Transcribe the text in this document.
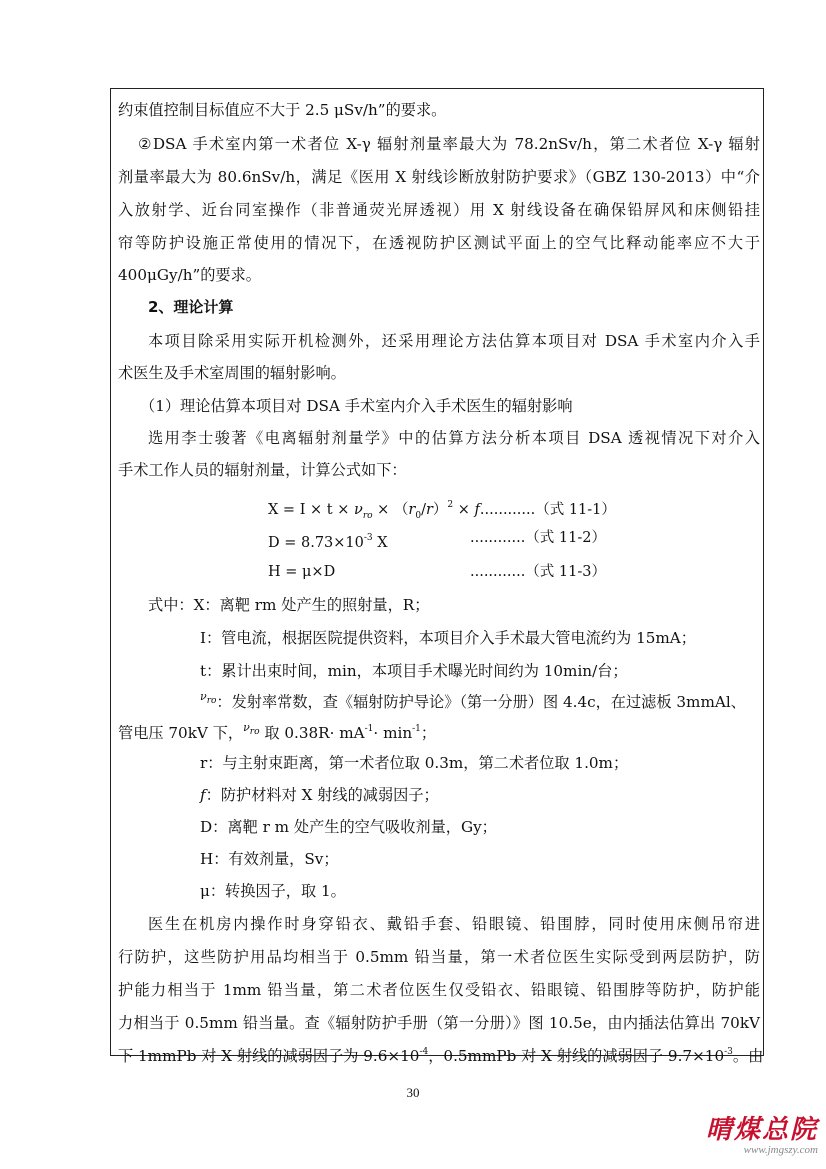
约束值控制目标值应不大于 2.5 μSv/h”的要求。
②DSA 手术室内第一术者位 X-γ 辐射剂量率最大为 78.2nSv/h，第二术者位 X-γ 辐射
剂量率最大为 80.6nSv/h，满足《医用 X 射线诊断放射防护要求》（GBZ 130-2013）中“介
入放射学、近台同室操作（非普通荧光屏透视）用 X 射线设备在确保铅屏风和床侧铅挂
帘等防护设施正常使用的情况下，在透视防护区测试平面上的空气比释动能率应不大于
400μGy/h”的要求。
2、理论计算
本项目除采用实际开机检测外，还采用理论方法估算本项目对 DSA 手术室内介入手
术医生及手术室周围的辐射影响。
（1）理论估算本项目对 DSA 手术室内介入手术医生的辐射影响
选用李士骏著《电离辐射剂量学》中的估算方法分析本项目 DSA 透视情况下对介入
手术工作人员的辐射剂量，计算公式如下：
$X = I \times t \times \nu_{ro} \times (r_0/r)^2 \times f$............（式 11-1）
$D = 8.73\times 10^{-3}$ X	............（式 11-2）
H = μ×D	............（式 11-3）
式中：X：离靶 rm 处产生的照射量，R；
I：管电流，根据医院提供资料，本项目介入手术最大管电流约为 15mA；
t：累计出束时间，min，本项目手术曝光时间约为 10min/台；
$\nu_{ro}$：发射率常数，查《辐射防护导论》（第一分册）图 4.4c，在过滤板 3mmAl、
管电压 70kV 下，$\nu_{ro}$ 取 $0.38R\cdot mA^{-1}\cdot \min^{-1}$；
r：与主射束距离，第一术者位取 0.3m，第二术者位取 1.0m；
f：防护材料对 X 射线的减弱因子；
D：离靶 r m 处产生的空气吸收剂量，Gy；
H：有效剂量，Sv；
μ：转换因子，取 1。
医生在机房内操作时身穿铅衣、戴铅手套、铅眼镜、铅围脖，同时使用床侧吊帘进
行防护，这些防护用品均相当于 0.5mm 铅当量，第一术者位医生实际受到两层防护，防
护能力相当于 1mm 铅当量，第二术者位医生仅受铅衣、铅眼镜、铅围脖等防护，防护能
力相当于 0.5mm 铅当量。查《辐射防护手册（第一分册）》图 10.5e，由内插法估算出 70kV
下 1mmPb 对 X 射线的减弱因子为 $9.6\times 10^{-4}$，0.5mmPb 对 X 射线的减弱因子 $9.7\times 10^{-3}$。由
30
晴煤总院
www.jmgszy.com
